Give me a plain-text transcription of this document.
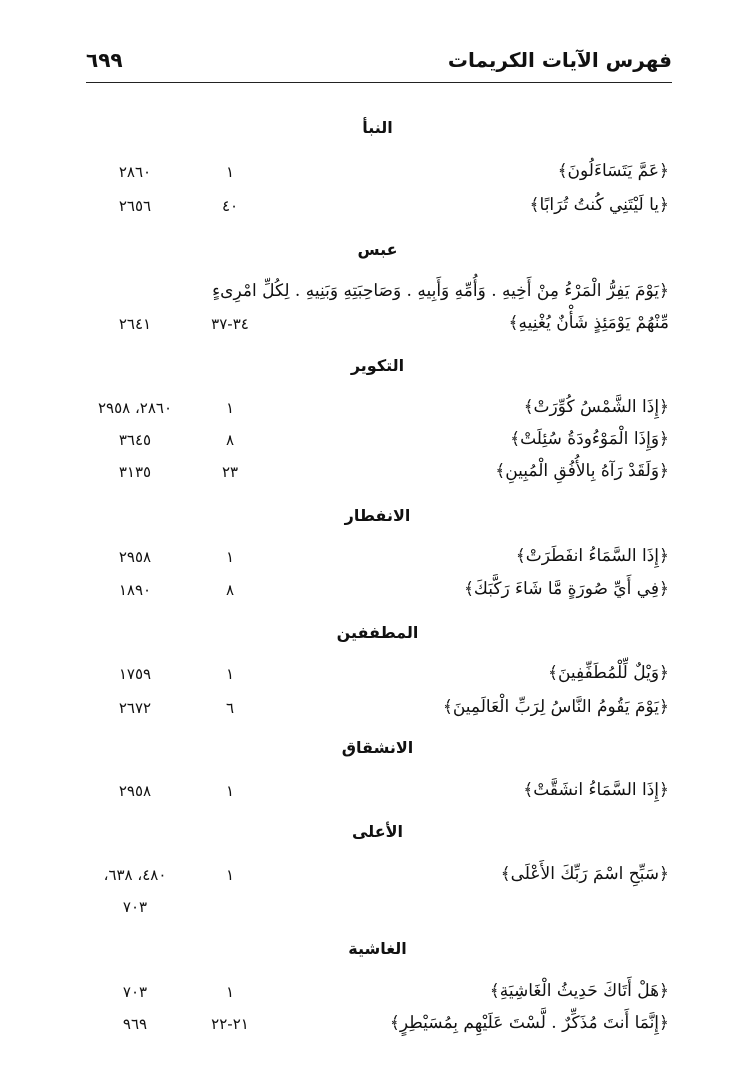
فهرس الآيات الكريمات
٦٩٩
النبأ
﴿عَمَّ يَتَسَاءَلُونَ﴾
١
٢٨٦٠
﴿يا لَيْتَنِي كُنتُ تُرَابًا﴾
٤٠
٢٦٥٦
عبس
﴿يَوْمَ يَفِرُّ الْمَرْءُ مِنْ أَخِيهِ . وَأُمِّهِ وَأَبِيهِ . وَصَاحِبَتِهِ وَبَنِيهِ . لِكُلِّ امْرِىءٍ
مِّنْهُمْ يَوْمَئِذٍ شَأْنٌ يُغْنِيهِ﴾
٣٤-٣٧
٢٦٤١
التكوير
﴿إِذَا الشَّمْسُ كُوِّرَتْ﴾
١
٢٨٦٠، ٢٩٥٨
﴿وَإِذَا الْمَوْءُودَةُ سُئِلَتْ﴾
٨
٣٦٤٥
﴿وَلَقَدْ رَآهُ بِالأُفُقِ الْمُبِينِ﴾
٢٣
٣١٣٥
الانفطار
﴿إِذَا السَّمَاءُ انفَطَرَتْ﴾
١
٢٩٥٨
﴿فِي أَيِّ صُورَةٍ مَّا شَاءَ رَكَّبَكَ﴾
٨
١٨٩٠
المطففين
﴿وَيْلٌ لِّلْمُطَفِّفِينَ﴾
١
١٧٥٩
﴿يَوْمَ يَقُومُ النَّاسُ لِرَبِّ الْعَالَمِينَ﴾
٦
٢٦٧٢
الانشقاق
﴿إِذَا السَّمَاءُ انشَقَّتْ﴾
١
٢٩٥٨
الأعلى
﴿سَبِّحِ اسْمَ رَبِّكَ الأَعْلَى﴾
١
٤٨٠، ٦٣٨،
٧٠٣
الغاشية
﴿هَلْ أَتَاكَ حَدِيثُ الْغَاشِيَةِ﴾
١
٧٠٣
﴿إِنَّمَا أَنتَ مُذَكِّرٌ . لَّسْتَ عَلَيْهِم بِمُسَيْطِرٍ﴾
٢١-٢٢
٩٦٩
